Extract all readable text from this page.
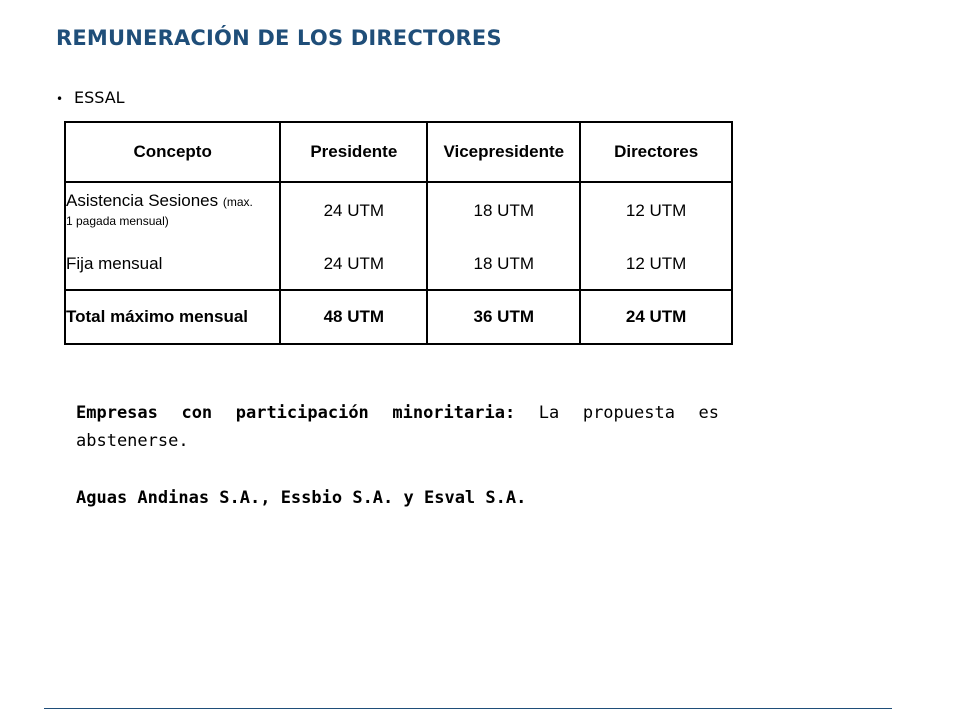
REMUNERACIÓN DE LOS DIRECTORES
• ESSAL
Concepto	Presidente	Vicepresidente	Directores

Asistencia Sesiones (max.
1 pagada mensual)	24 UTM	18 UTM	12 UTM
Fija mensual	24 UTM	18 UTM	12 UTM
Total máximo mensual	48 UTM	36 UTM	24 UTM
Empresas con participación minoritaria: La propuesta es abstenerse.
Aguas Andinas S.A., Essbio S.A. y Esval S.A.
